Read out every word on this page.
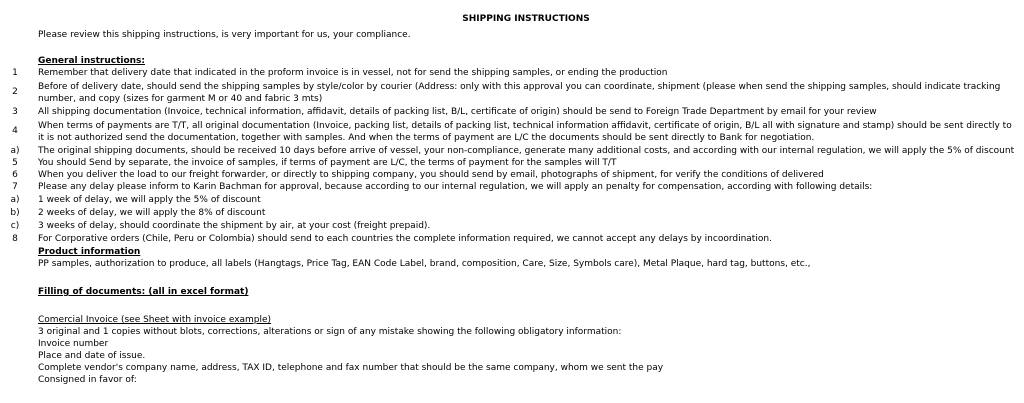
SHIPPING INSTRUCTIONS
Please review this shipping instructions, is very important for us, your compliance.
General instructions:
1	Remember that delivery date that indicated in the proform invoice is in vessel, not for send the shipping samples, or ending the production
2	Before of delivery date, should send the shipping samples by style/color by courier (Address: only with this approval you can coordinate, shipment (please when send the shipping samples, should indicate tracking number, and copy (sizes for garment M or 40 and fabric 3 mts)
3	All shipping documentation (Invoice, technical information, affidavit, details of packing list, B/L, certificate of origin) should be send to Foreign Trade Department by email for your review
4	When terms of payments are T/T, all original documentation (Invoice, packing list, details of packing list, technical information affidavit, certificate of origin, B/L all with signature and stamp) should be sent directly to it is not authorized send the documentation, together with samples. And when the terms of payment are L/C the documents should be sent directly to Bank for negotiation.
a)	The original shipping documents, should be received 10 days before arrive of vessel, your non-compliance, generate many additional costs, and according with our internal regulation, we will apply the 5% of discount
5	You should Send by separate, the invoice of samples, if terms of payment are L/C, the terms of payment for the samples will T/T
6	When you deliver the load to our freight forwarder, or directly to shipping company, you should send by email, photographs of shipment, for verify the conditions of delivered
7	Please any delay please inform to Karin Bachman for approval, because according to our internal regulation, we will apply an penalty for compensation, according with following details:
a)	1 week of delay, we will apply the 5% of discount
b)	2 weeks of delay, we will apply the 8% of discount
c)	3 weeks of delay, should coordinate the shipment by air, at your cost (freight prepaid).
8	For Corporative orders (Chile, Peru or Colombia) should send to each countries the complete information required, we cannot accept any delays by incoordination.
Product information
PP samples, authorization to produce, all labels (Hangtags, Price Tag, EAN Code Label, brand, composition, Care, Size, Symbols care), Metal Plaque, hard tag, buttons, etc.,
Filling of documents: (all in excel format)
Comercial Invoice (see Sheet with invoice example)
3 original and 1 copies without blots, corrections, alterations or sign of any mistake showing the following obligatory information:
Invoice number
Place and date of issue.
Complete vendor's company name, address, TAX ID, telephone and fax number that should be the same company, whom we sent the pay
Consigned in favor of:
